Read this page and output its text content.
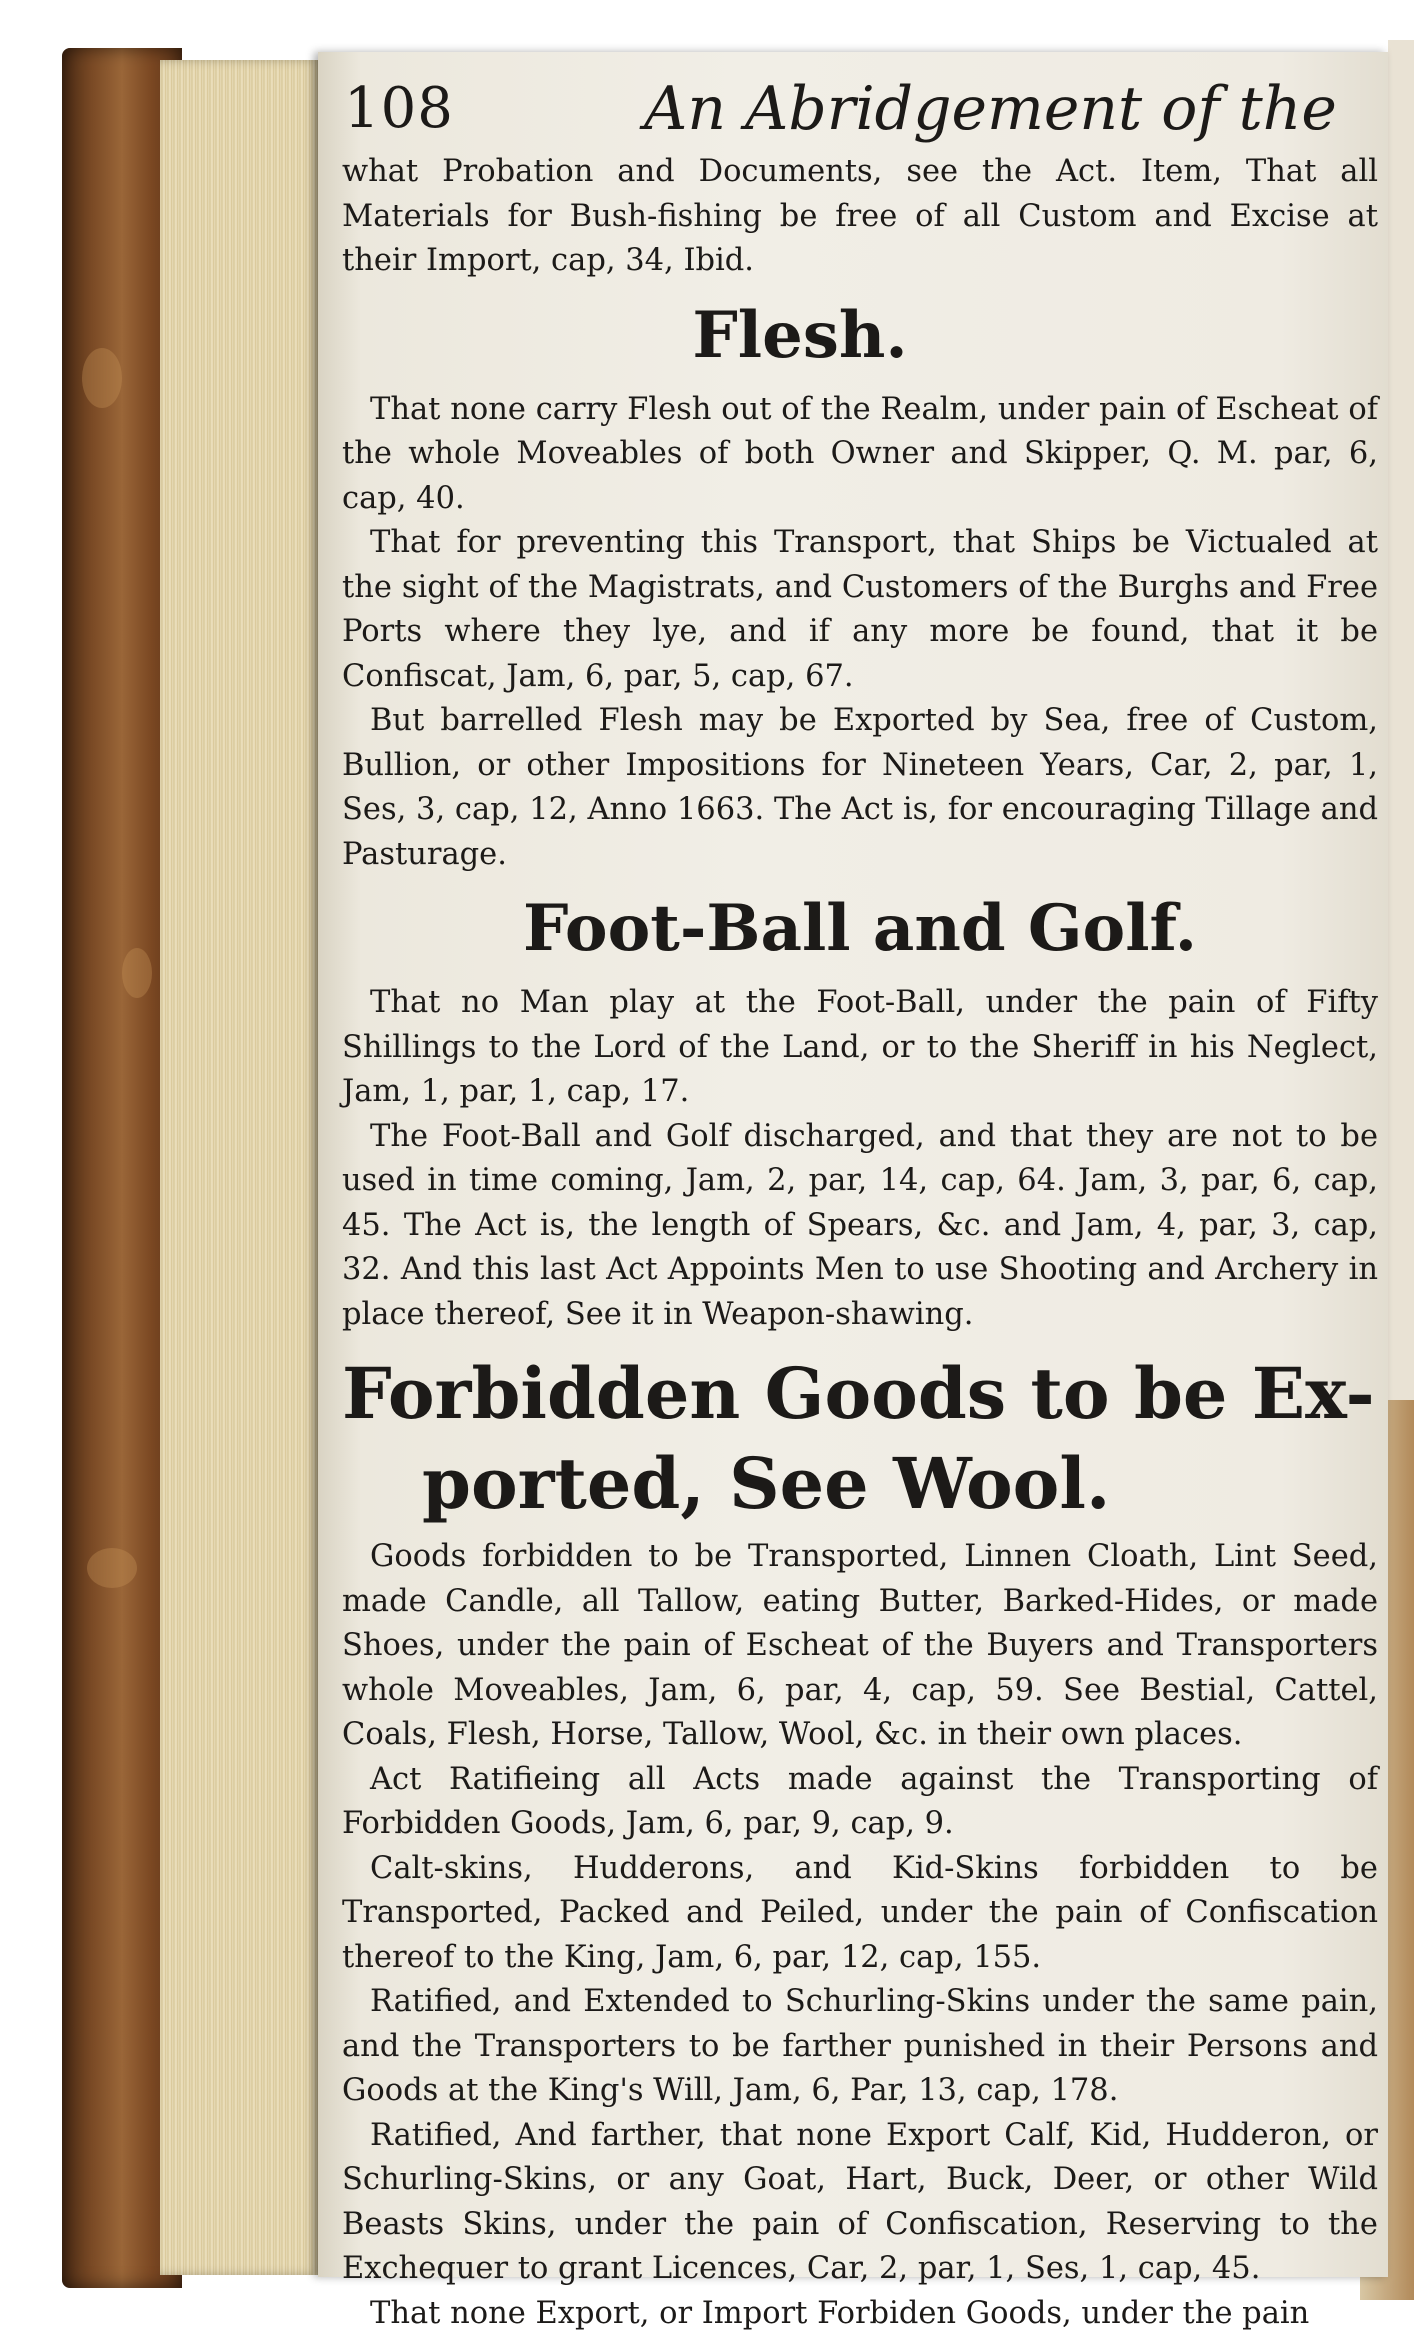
108	An Abridgement of the

what Probation and Documents, see the Act. Item, That all Materials for Bush-fishing be free of all Custom and Excise at their Import, cap, 34, Ibid.

Flesh.

That none carry Flesh out of the Realm, under pain of Escheat of the whole Moveables of both Owner and Skipper, Q. M. par, 6, cap, 40.

That for preventing this Transport, that Ships be Victualed at the sight of the Magistrats, and Customers of the Burghs and Free Ports where they lye, and if any more be found, that it be Confiscat, Jam, 6, par, 5, cap, 67.

But barrelled Flesh may be Exported by Sea, free of Custom, Bullion, or other Impositions for Nineteen Years, Car, 2, par, 1, Ses, 3, cap, 12, Anno 1663. The Act is, for encouraging Tillage and Pasturage.

Foot-Ball and Golf.

That no Man play at the Foot-Ball, under the pain of Fifty Shillings to the Lord of the Land, or to the Sheriff in his Neglect, Jam, 1, par, 1, cap, 17.

The Foot-Ball and Golf discharged, and that they are not to be used in time coming, Jam, 2, par, 14, cap, 64. Jam, 3, par, 6, cap, 45. The Act is, the length of Spears, &c. and Jam, 4, par, 3, cap, 32. And this last Act Appoints Men to use Shooting and Archery in place thereof, See it in Weapon-shawing.

Forbidden Goods to be Ex-
ported, See Wool.

Goods forbidden to be Transported, Linnen Cloath, Lint Seed, made Candle, all Tallow, eating Butter, Barked-Hides, or made Shoes, under the pain of Escheat of the Buyers and Transporters whole Moveables, Jam, 6, par, 4, cap, 59. See Bestial, Cattel, Coals, Flesh, Horse, Tallow, Wool, &c. in their own places.

Act Ratifieing all Acts made against the Transporting of Forbidden Goods, Jam, 6, par, 9, cap, 9.

Calt-skins, Hudderons, and Kid-Skins forbidden to be Transported, Packed and Peiled, under the pain of Confiscation thereof to the King, Jam, 6, par, 12, cap, 155.

Ratified, and Extended to Schurling-Skins under the same pain, and the Transporters to be farther punished in their Persons and Goods at the King's Will, Jam, 6, Par, 13, cap, 178.

Ratified, And farther, that none Export Calf, Kid, Hudderon, or Schurling-Skins, or any Goat, Hart, Buck, Deer, or other Wild Beasts Skins, under the pain of Confiscation, Reserving to the Exchequer to grant Licences, Car, 2, par, 1, Ses, 1, cap, 45.

That none Export, or Import Forbiden Goods, under the pain
